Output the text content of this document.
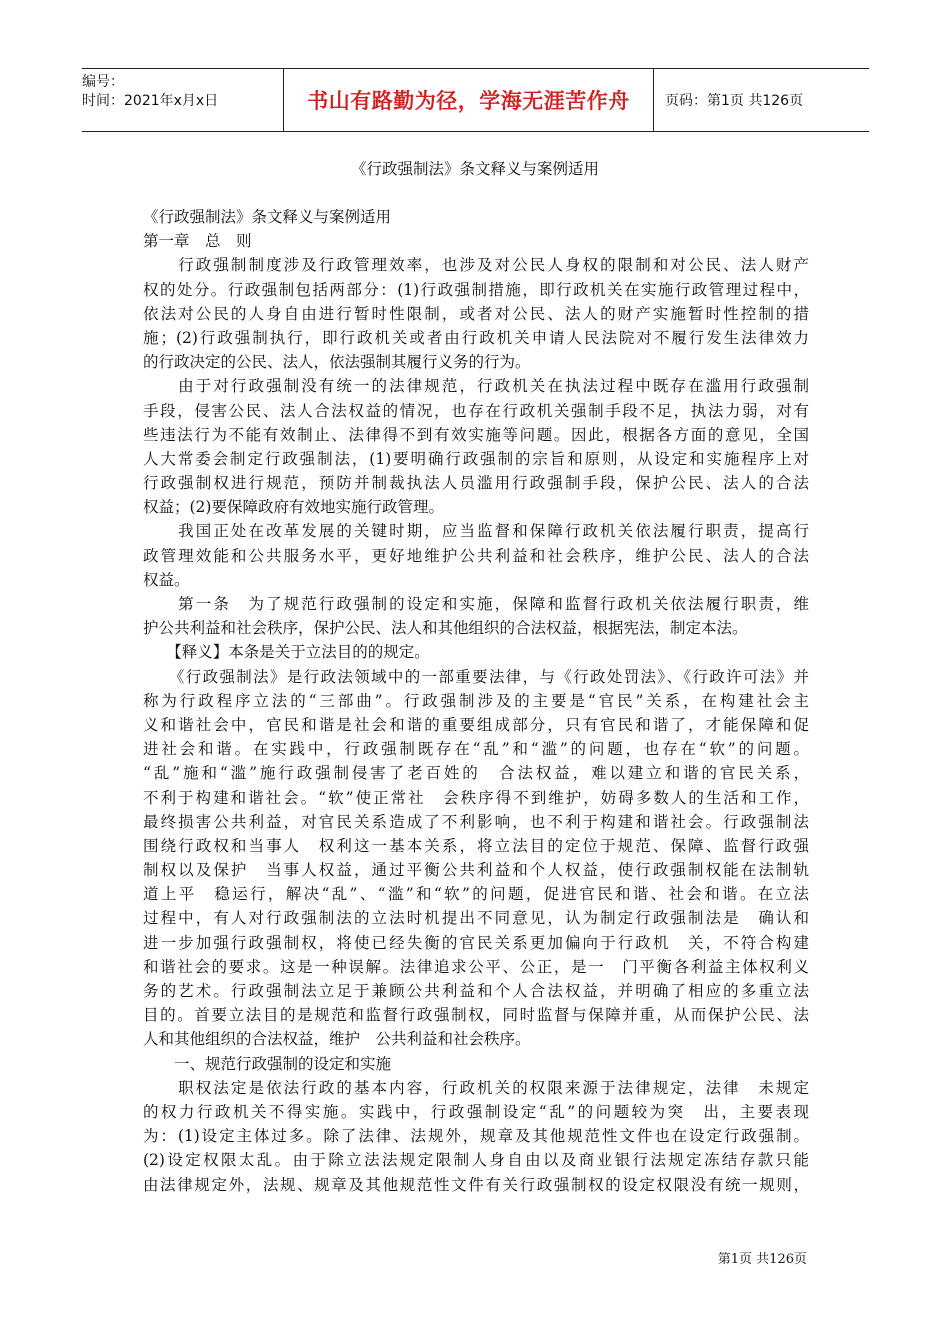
编号：
时间：2021年x月x日	书山有路勤为径，学海无涯苦作舟	页码：第1页 共126页
《行政强制法》条文释义与案例适用
《行政强制法》条文释义与案例适用
第一章　总　则
　　行政强制制度涉及行政管理效率，也涉及对公民人身权的限制和对公民、法人财产
权的处分。行政强制包括两部分：(1)行政强制措施，即行政机关在实施行政管理过程中，
依法对公民的人身自由进行暂时性限制，或者对公民、法人的财产实施暂时性控制的措
施；(2)行政强制执行，即行政机关或者由行政机关申请人民法院对不履行发生法律效力
的行政决定的公民、法人，依法强制其履行义务的行为。
　　由于对行政强制没有统一的法律规范，行政机关在执法过程中既存在滥用行政强制
手段，侵害公民、法人合法权益的情况，也存在行政机关强制手段不足，执法力弱，对有
些违法行为不能有效制止、法律得不到有效实施等问题。因此，根据各方面的意见，全国
人大常委会制定行政强制法，(1)要明确行政强制的宗旨和原则，从设定和实施程序上对
行政强制权进行规范，预防并制裁执法人员滥用行政强制手段，保护公民、法人的合法
权益；(2)要保障政府有效地实施行政管理。
　　我国正处在改革发展的关键时期，应当监督和保障行政机关依法履行职责，提高行
政管理效能和公共服务水平，更好地维护公共利益和社会秩序，维护公民、法人的合法
权益。
　　第一条　为了规范行政强制的设定和实施，保障和监督行政机关依法履行职责，维
护公共利益和社会秩序，保护公民、法人和其他组织的合法权益，根据宪法，制定本法。
　　【释义】本条是关于立法目的的规定。
　　《行政强制法》是行政法领域中的一部重要法律，与《行政处罚法》、《行政许可法》并
称为行政程序立法的“三部曲”。行政强制涉及的主要是“官民”关系，在构建社会主
义和谐社会中，官民和谐是社会和谐的重要组成部分，只有官民和谐了，才能保障和促
进社会和谐。在实践中，行政强制既存在“乱”和“滥”的问题，也存在“软”的问题。
“乱”施和“滥”施行政强制侵害了老百姓的　合法权益，难以建立和谐的官民关系，
不利于构建和谐社会。“软”使正常社　会秩序得不到维护，妨碍多数人的生活和工作，
最终损害公共利益，对官民关系造成了不利影响，也不利于构建和谐社会。行政强制法
围绕行政权和当事人　权利这一基本关系，将立法目的定位于规范、保障、监督行政强
制权以及保护　当事人权益，通过平衡公共利益和个人权益，使行政强制权能在法制轨
道上平　稳运行，解决“乱”、“滥”和“软”的问题，促进官民和谐、社会和谐。在立法
过程中，有人对行政强制法的立法时机提出不同意见，认为制定行政强制法是　确认和
进一步加强行政强制权，将使已经失衡的官民关系更加偏向于行政机　关，不符合构建
和谐社会的要求。这是一种误解。法律追求公平、公正，是一　门平衡各利益主体权利义
务的艺术。行政强制法立足于兼顾公共利益和个人合法权益，并明确了相应的多重立法
目的。首要立法目的是规范和监督行政强制权，同时监督与保障并重，从而保护公民、法
人和其他组织的合法权益，维护　公共利益和社会秩序。
　　一、规范行政强制的设定和实施
　　职权法定是依法行政的基本内容，行政机关的权限来源于法律规定，法律　未规定
的权力行政机关不得实施。实践中，行政强制设定“乱”的问题较为突　出，主要表现
为：(1)设定主体过多。除了法律、法规外，规章及其他规范性文件也在设定行政强制。
(2)设定权限太乱。由于除立法法规定限制人身自由以及商业银行法规定冻结存款只能
由法律规定外，法规、规章及其他规范性文件有关行政强制权的设定权限没有统一规则，
第1页 共126页
